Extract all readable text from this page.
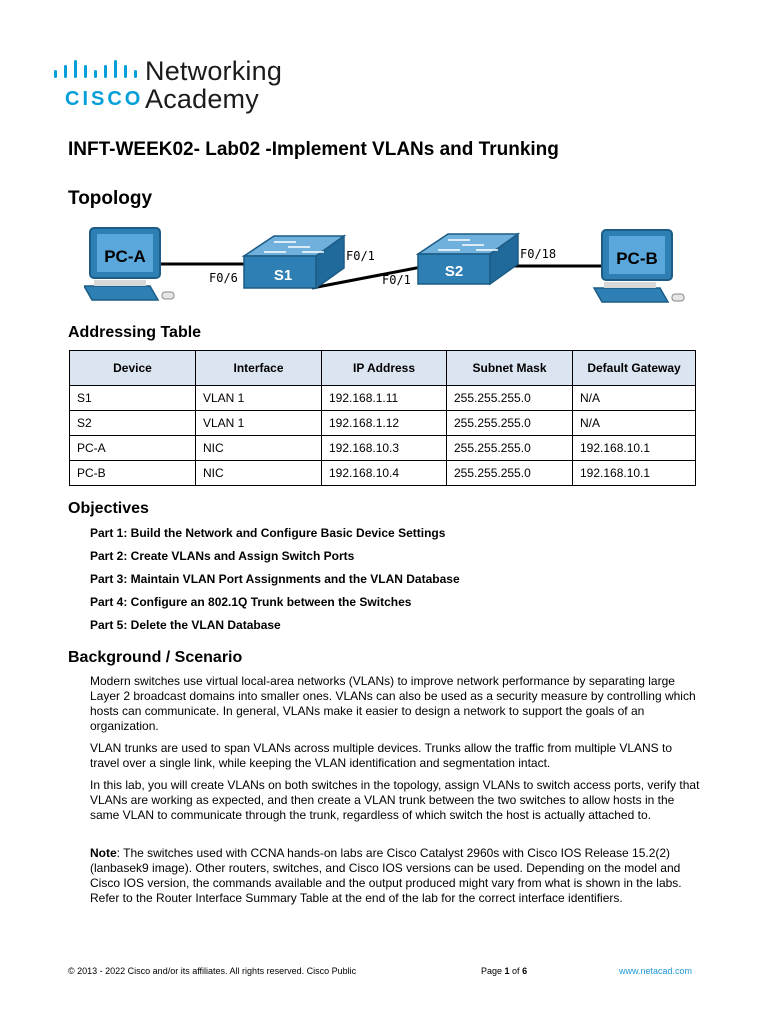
Networking
CISCO Academy
INFT-WEEK02- Lab02 -Implement VLANs and Trunking
Topology
PC-A
S1	S2
PC-B
F0/6
F0/1
F0/1
F0/18
Addressing Table
Device	Interface	IP Address	Subnet Mask	Default Gateway
S1	VLAN 1	192.168.1.11	255.255.255.0	N/A
S2	VLAN 1	192.168.1.12	255.255.255.0	N/A
PC-A	NIC	192.168.10.3	255.255.255.0	192.168.10.1
PC-B	NIC	192.168.10.4	255.255.255.0	192.168.10.1
Objectives
Part 1: Build the Network and Configure Basic Device Settings
Part 2: Create VLANs and Assign Switch Ports
Part 3: Maintain VLAN Port Assignments and the VLAN Database
Part 4: Configure an 802.1Q Trunk between the Switches
Part 5: Delete the VLAN Database
Background / Scenario

Modern switches use virtual local-area networks (VLANs) to improve network performance by separating large Layer 2 broadcast domains into smaller ones. VLANs can also be used as a security measure by controlling which hosts can communicate. In general, VLANs make it easier to design a network to support the goals of an organization.

VLAN trunks are used to span VLANs across multiple devices. Trunks allow the traffic from multiple VLANS to travel over a single link, while keeping the VLAN identification and segmentation intact.

In this lab, you will create VLANs on both switches in the topology, assign VLANs to switch access ports, verify that VLANs are working as expected, and then create a VLAN trunk between the two switches to allow hosts in the same VLAN to communicate through the trunk, regardless of which switch the host is actually attached to.

Note: The switches used with CCNA hands-on labs are Cisco Catalyst 2960s with Cisco IOS Release 15.2(2) (lanbasek9 image). Other routers, switches, and Cisco IOS versions can be used. Depending on the model and Cisco IOS version, the commands available and the output produced might vary from what is shown in the labs. Refer to the Router Interface Summary Table at the end of the lab for the correct interface identifiers.

© 2013 - 2022 Cisco and/or its affiliates. All rights reserved. Cisco Public	Page 1 of 6	www.netacad.com
